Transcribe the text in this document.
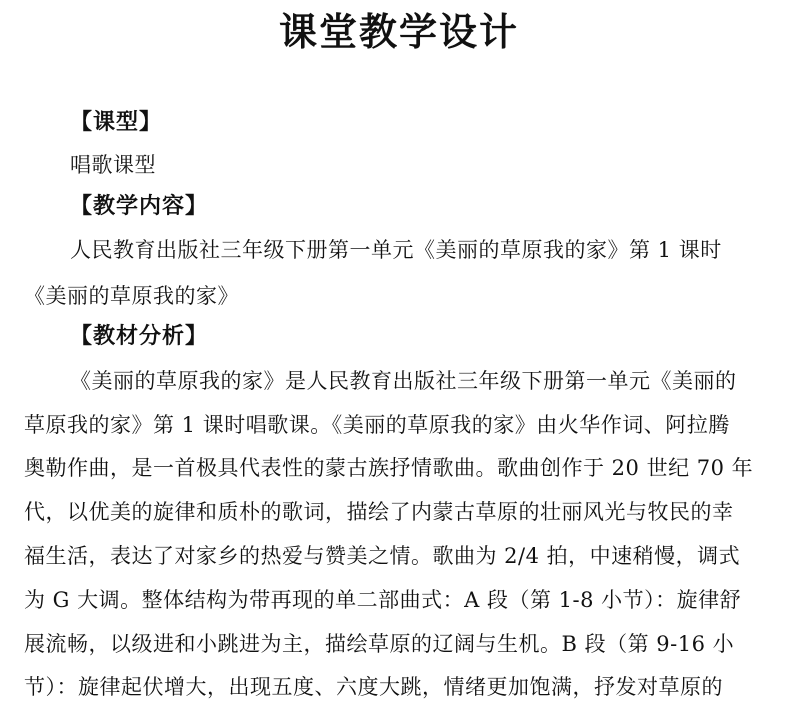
课堂教学设计
【课型】
唱歌课型
【教学内容】
人民教育出版社三年级下册第一单元《美丽的草原我的家》第 1 课时
《美丽的草原我的家》
【教材分析】
《美丽的草原我的家》是人民教育出版社三年级下册第一单元《美丽的
草原我的家》第 1 课时唱歌课。《美丽的草原我的家》由火华作词、阿拉腾
奥勒作曲，是一首极具代表性的蒙古族抒情歌曲。歌曲创作于 20 世纪 70 年
代，以优美的旋律和质朴的歌词，描绘了内蒙古草原的壮丽风光与牧民的幸
福生活，表达了对家乡的热爱与赞美之情。歌曲为 2/4 拍，中速稍慢，调式
为 G 大调。整体结构为带再现的单二部曲式：A 段（第 1-8 小节）：旋律舒
展流畅，以级进和小跳进为主，描绘草原的辽阔与生机。B 段（第 9-16 小
节）：旋律起伏增大，出现五度、六度大跳，情绪更加饱满，抒发对草原的
